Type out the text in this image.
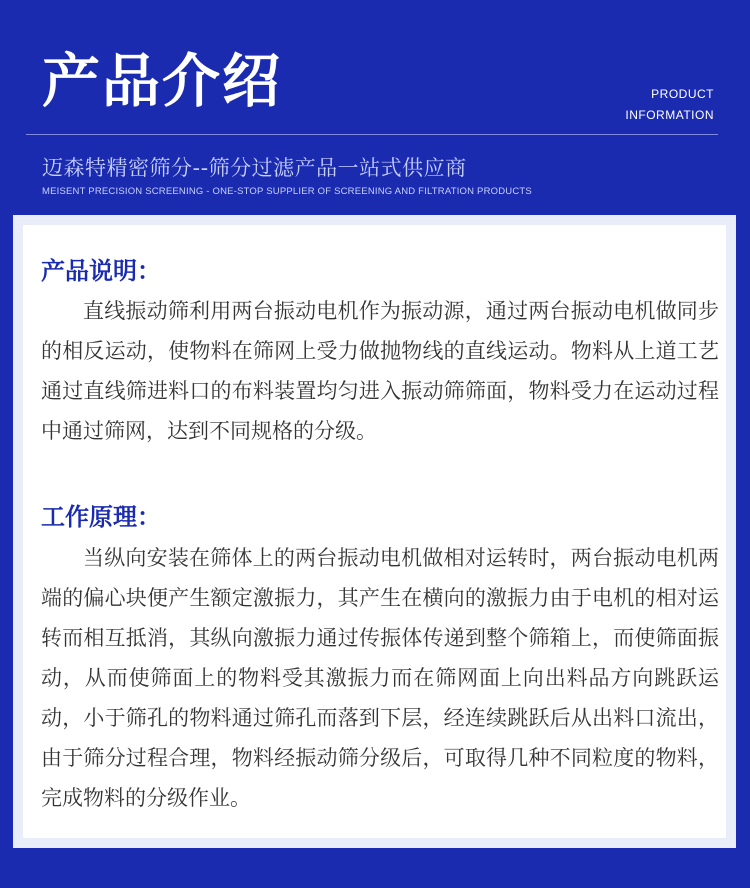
产品介绍	PRODUCT
INFORMATION
迈森特精密筛分--筛分过滤产品一站式供应商
MEISENT PRECISION SCREENING - ONE-STOP SUPPLIER OF SCREENING AND FILTRATION PRODUCTS
产品说明：
直线振动筛利用两台振动电机作为振动源，通过两台振动电机做同步的相反运动，使物料在筛网上受力做抛物线的直线运动。物料从上道工艺通过直线筛进料口的布料装置均匀进入振动筛筛面，物料受力在运动过程中通过筛网，达到不同规格的分级。
工作原理：
当纵向安装在筛体上的两台振动电机做相对运转时，两台振动电机两端的偏心块便产生额定激振力，其产生在横向的激振力由于电机的相对运转而相互抵消，其纵向激振力通过传振体传递到整个筛箱上，而使筛面振动，从而使筛面上的物料受其激振力而在筛网面上向出料品方向跳跃运动，小于筛孔的物料通过筛孔而落到下层，经连续跳跃后从出料口流出，由于筛分过程合理，物料经振动筛分级后，可取得几种不同粒度的物料，完成物料的分级作业。
